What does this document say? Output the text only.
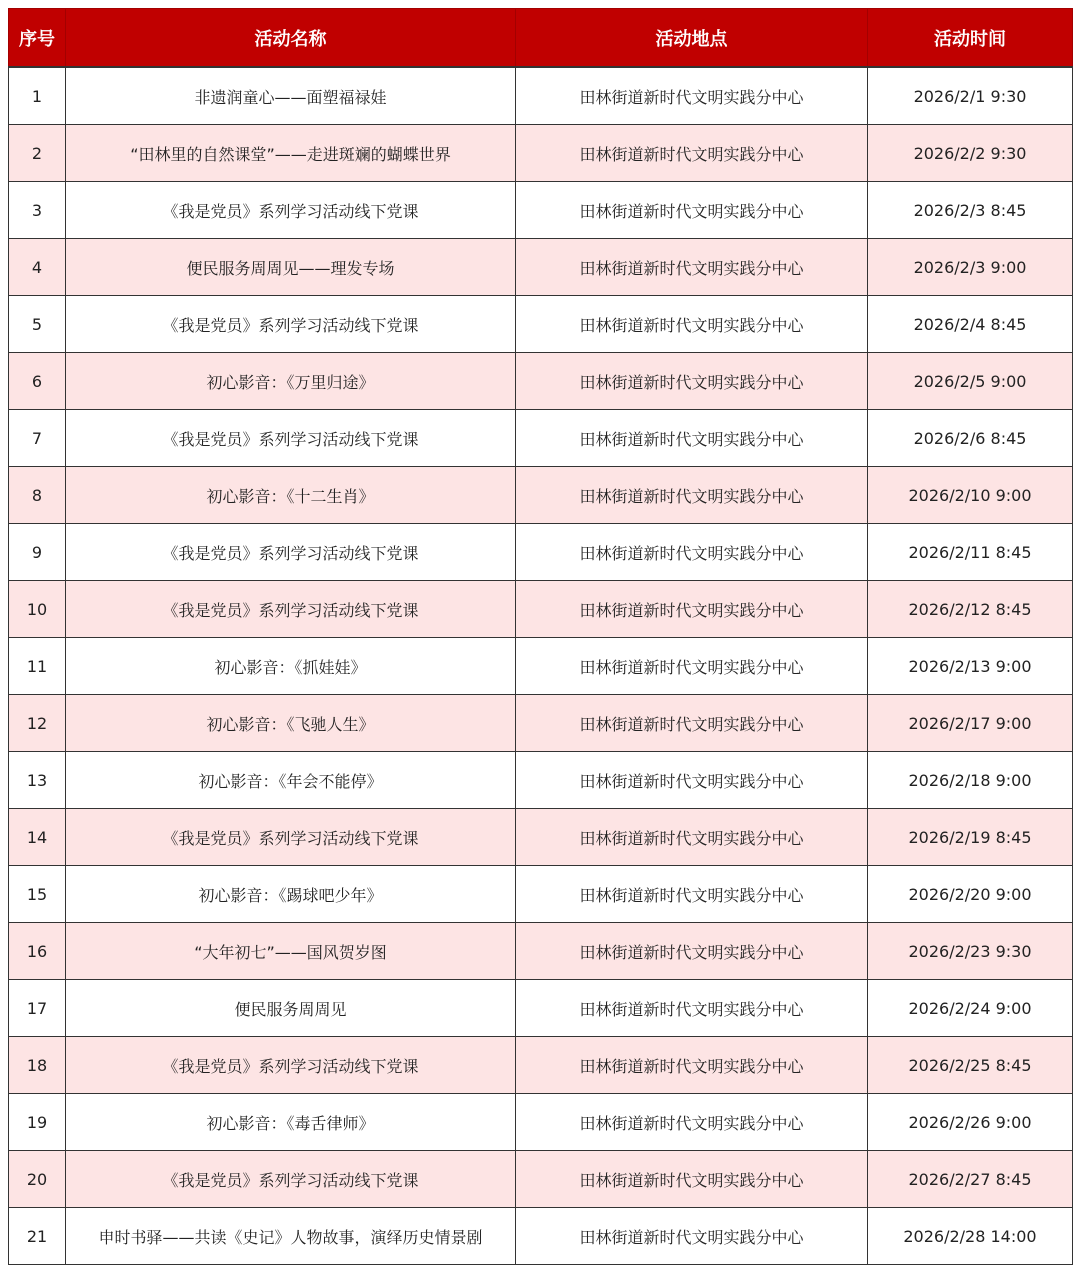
序号	活动名称	活动地点	活动时间
1	非遗润童心——面塑福禄娃	田林街道新时代文明实践分中心	2026/2/1 9:30
2	“田林里的自然课堂”——走进斑斓的蝴蝶世界	田林街道新时代文明实践分中心	2026/2/2 9:30
3	《我是党员》系列学习活动线下党课	田林街道新时代文明实践分中心	2026/2/3 8:45
4	便民服务周周见——理发专场	田林街道新时代文明实践分中心	2026/2/3 9:00
5	《我是党员》系列学习活动线下党课	田林街道新时代文明实践分中心	2026/2/4 8:45
6	初心影音：《万里归途》	田林街道新时代文明实践分中心	2026/2/5 9:00
7	《我是党员》系列学习活动线下党课	田林街道新时代文明实践分中心	2026/2/6 8:45
8	初心影音：《十二生肖》	田林街道新时代文明实践分中心	2026/2/10 9:00
9	《我是党员》系列学习活动线下党课	田林街道新时代文明实践分中心	2026/2/11 8:45
10	《我是党员》系列学习活动线下党课	田林街道新时代文明实践分中心	2026/2/12 8:45
11	初心影音：《抓娃娃》	田林街道新时代文明实践分中心	2026/2/13 9:00
12	初心影音：《飞驰人生》	田林街道新时代文明实践分中心	2026/2/17 9:00
13	初心影音：《年会不能停》	田林街道新时代文明实践分中心	2026/2/18 9:00
14	《我是党员》系列学习活动线下党课	田林街道新时代文明实践分中心	2026/2/19 8:45
15	初心影音：《踢球吧少年》	田林街道新时代文明实践分中心	2026/2/20 9:00
16	“大年初七”——国风贺岁图	田林街道新时代文明实践分中心	2026/2/23 9:30
17	便民服务周周见	田林街道新时代文明实践分中心	2026/2/24 9:00
18	《我是党员》系列学习活动线下党课	田林街道新时代文明实践分中心	2026/2/25 8:45
19	初心影音：《毒舌律师》	田林街道新时代文明实践分中心	2026/2/26 9:00
20	《我是党员》系列学习活动线下党课	田林街道新时代文明实践分中心	2026/2/27 8:45
21	申时书驿——共读《史记》人物故事，演绎历史情景剧	田林街道新时代文明实践分中心	2026/2/28 14:00
